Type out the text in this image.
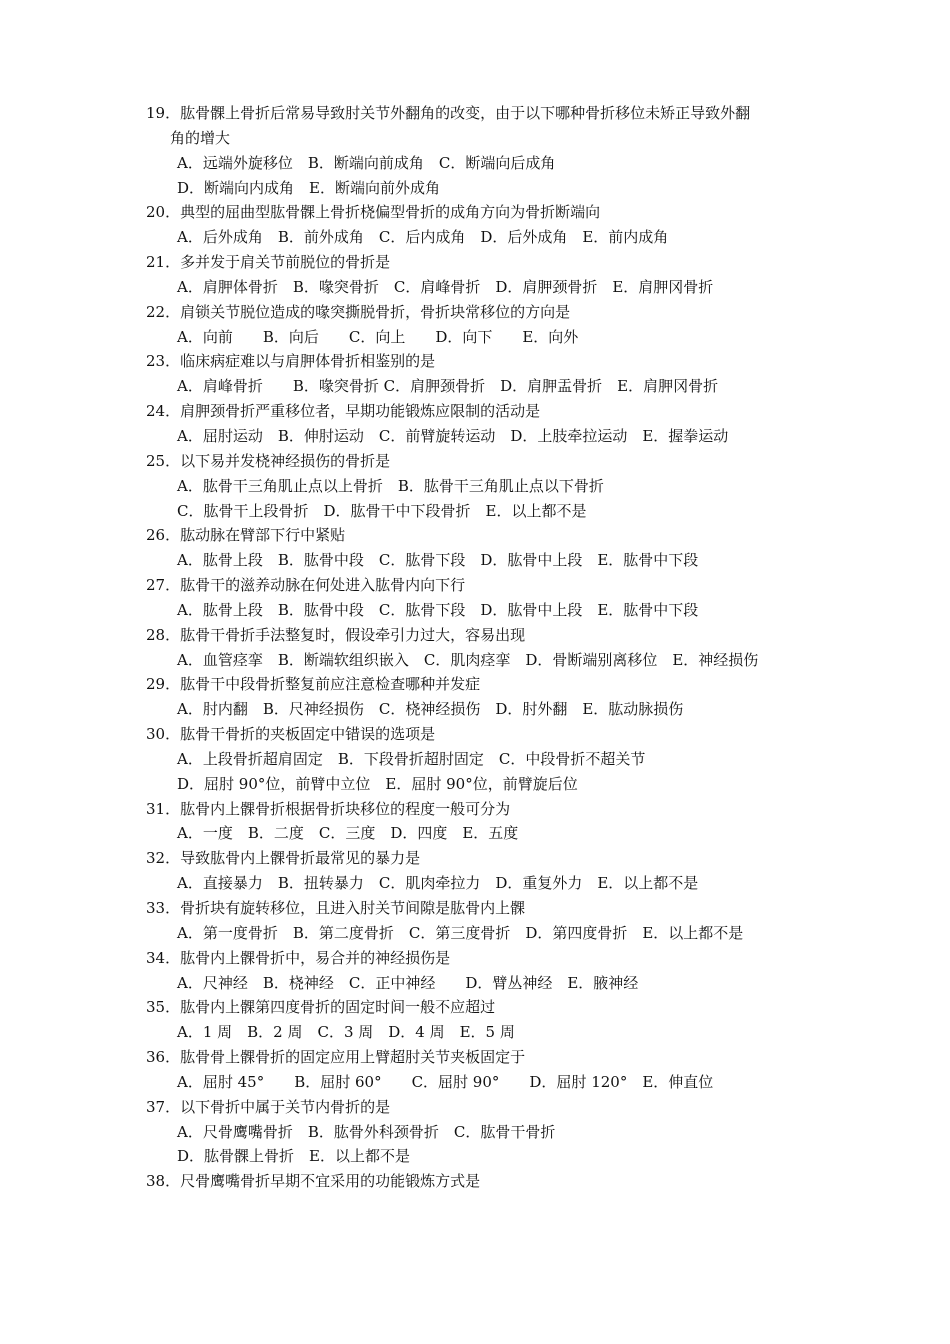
19．肱骨髁上骨折后常易导致肘关节外翻角的改变，由于以下哪种骨折移位未矫正导致外翻
角的增大
A．远端外旋移位　B．断端向前成角　C．断端向后成角
D．断端向内成角　E．断端向前外成角
20．典型的屈曲型肱骨髁上骨折桡偏型骨折的成角方向为骨折断端向
A．后外成角　B．前外成角　C．后内成角　D．后外成角　E．前内成角
21．多并发于肩关节前脱位的骨折是
A．肩胛体骨折　B．喙突骨折　C．肩峰骨折　D．肩胛颈骨折　E．肩胛冈骨折
22．肩锁关节脱位造成的喙突撕脱骨折，骨折块常移位的方向是
A．向前　　B．向后　　C．向上　　D．向下　　E．向外
23．临床病症难以与肩胛体骨折相鉴别的是
A．肩峰骨折　　B．喙突骨折 C．肩胛颈骨折　D．肩胛盂骨折　E．肩胛冈骨折
24．肩胛颈骨折严重移位者，早期功能锻炼应限制的活动是
A．屈肘运动　B．伸肘运动　C．前臂旋转运动　D．上肢牵拉运动　E．握拳运动
25．以下易并发桡神经损伤的骨折是
A．肱骨干三角肌止点以上骨折　B．肱骨干三角肌止点以下骨折
C．肱骨干上段骨折　D．肱骨干中下段骨折　E．以上都不是
26．肱动脉在臂部下行中紧贴
A．肱骨上段　B．肱骨中段　C．肱骨下段　D．肱骨中上段　E．肱骨中下段
27．肱骨干的滋养动脉在何处进入肱骨内向下行
A．肱骨上段　B．肱骨中段　C．肱骨下段　D．肱骨中上段　E．肱骨中下段
28．肱骨干骨折手法整复时，假设牵引力过大，容易出现
A．血管痉挛　B．断端软组织嵌入　C．肌肉痉挛　D．骨断端别离移位　E．神经损伤
29．肱骨干中段骨折整复前应注意检查哪种并发症
A．肘内翻　B．尺神经损伤　C．桡神经损伤　D．肘外翻　E．肱动脉损伤
30．肱骨干骨折的夹板固定中错误的选项是
A．上段骨折超肩固定　B．下段骨折超肘固定　C．中段骨折不超关节
D．屈肘 90°位，前臂中立位　E．屈肘 90°位，前臂旋后位
31．肱骨内上髁骨折根据骨折块移位的程度一般可分为
A．一度　B．二度　C．三度　D．四度　E．五度
32．导致肱骨内上髁骨折最常见的暴力是
A．直接暴力　B．扭转暴力　C．肌肉牵拉力　D．重复外力　E．以上都不是
33．骨折块有旋转移位，且进入肘关节间隙是肱骨内上髁
A．第一度骨折　B．第二度骨折　C．第三度骨折　D．第四度骨折　E．以上都不是
34．肱骨内上髁骨折中，易合并的神经损伤是
A．尺神经　B．桡神经　C．正中神经　　D．臂丛神经　E．腋神经
35．肱骨内上髁第四度骨折的固定时间一般不应超过
A．1 周　B．2 周　C．3 周　D．4 周　E．5 周
36．肱骨骨上髁骨折的固定应用上臂超肘关节夹板固定于
A．屈肘 45°　　B．屈肘 60°　　C．屈肘 90°　　D．屈肘 120°　E．伸直位
37．以下骨折中属于关节内骨折的是
A．尺骨鹰嘴骨折　B．肱骨外科颈骨折　C．肱骨干骨折
D．肱骨髁上骨折　E．以上都不是
38．尺骨鹰嘴骨折早期不宜采用的功能锻炼方式是
